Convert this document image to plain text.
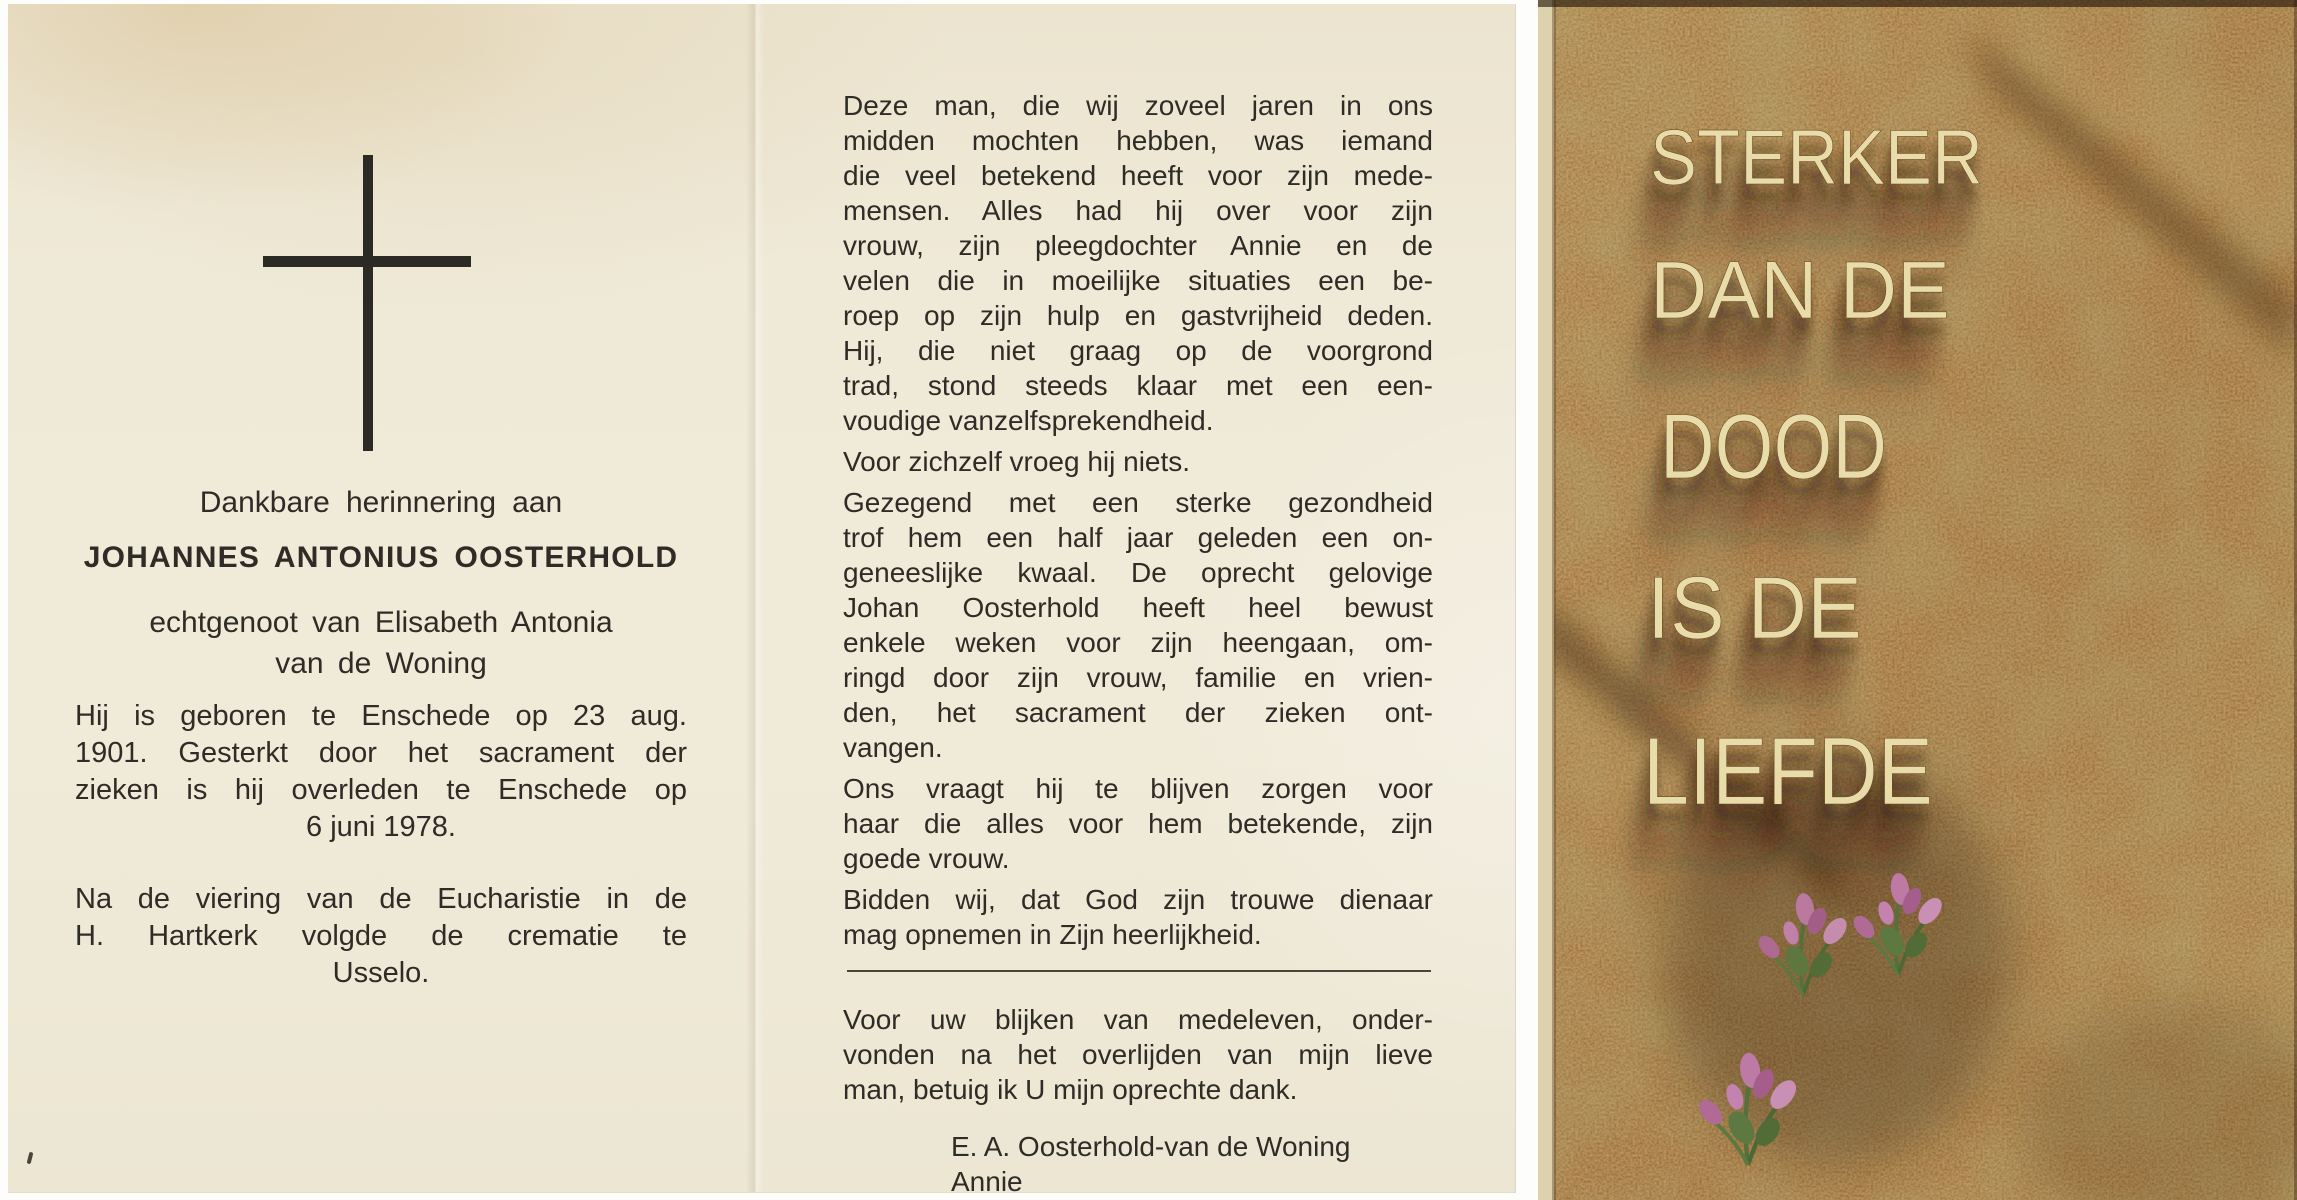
Dankbare herinnering aan
JOHANNES ANTONIUS OOSTERHOLD
echtgenoot van Elisabeth Antonia
van de Woning
Hij is geboren te Enschede op 23 aug.
1901. Gesterkt door het sacrament der
zieken is hij overleden te Enschede op
6 juni 1978.
Na de viering van de Eucharistie in de
H. Hartkerk volgde de crematie te
Usselo.
Deze man, die wij zoveel jaren in ons
midden mochten hebben, was iemand
die veel betekend heeft voor zijn mede-
mensen. Alles had hij over voor zijn
vrouw, zijn pleegdochter Annie en de
velen die in moeilijke situaties een be-
roep op zijn hulp en gastvrijheid deden.
Hij, die niet graag op de voorgrond
trad, stond steeds klaar met een een-
voudige vanzelfsprekendheid.
Voor zichzelf vroeg hij niets.
Gezegend met een sterke gezondheid
trof hem een half jaar geleden een on-
geneeslijke kwaal. De oprecht gelovige
Johan Oosterhold heeft heel bewust
enkele weken voor zijn heengaan, om-
ringd door zijn vrouw, familie en vrien-
den, het sacrament der zieken ont-
vangen.
Ons vraagt hij te blijven zorgen voor
haar die alles voor hem betekende, zijn
goede vrouw.
Bidden wij, dat God zijn trouwe dienaar
mag opnemen in Zijn heerlijkheid.
Voor uw blijken van medeleven, onder-
vonden na het overlijden van mijn lieve
man, betuig ik U mijn oprechte dank.
E. A. Oosterhold-van de Woning
Annie
STERKER
DAN DE
DOOD
IS DE
LIEFDE
